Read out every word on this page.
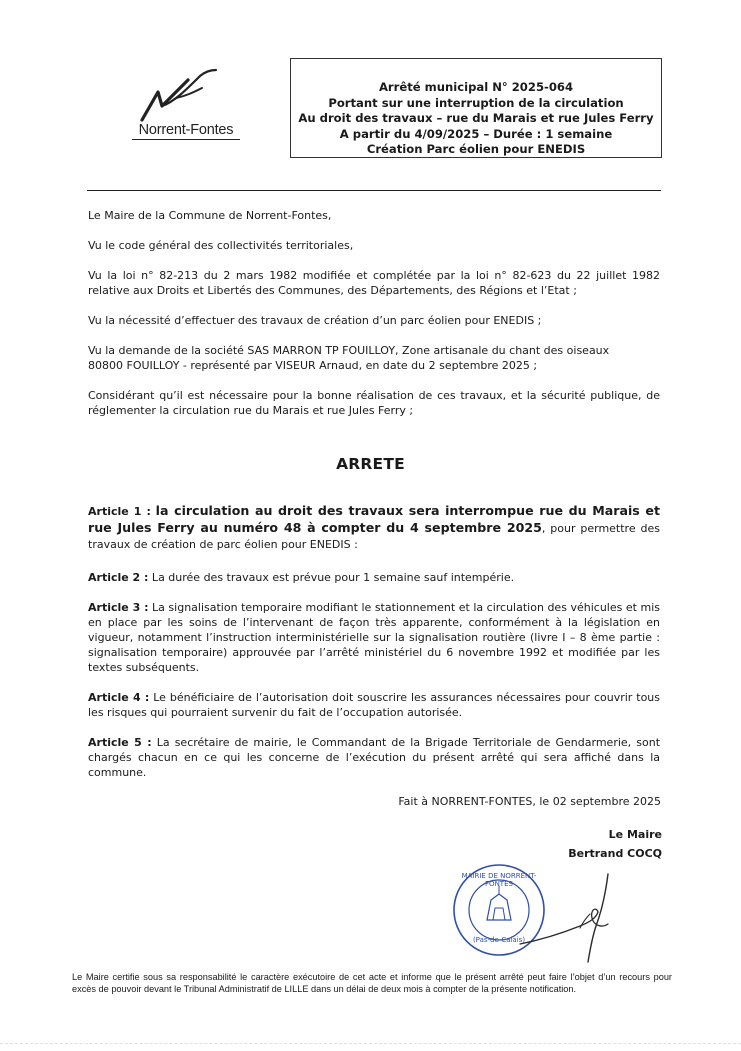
Norrent-Fontes
Arrêté municipal N° 2025-064
Portant sur une interruption de la circulation
Au droit des travaux – rue du Marais et rue Jules Ferry
A partir du 4/09/2025 – Durée : 1 semaine
Création Parc éolien pour ENEDIS
Le Maire de la Commune de Norrent-Fontes,
Vu le code général des collectivités territoriales,
Vu la loi n° 82-213 du 2 mars 1982 modifiée et complétée par la loi n° 82-623 du 22 juillet 1982 relative aux Droits et Libertés des Communes, des Départements, des Régions et l’Etat ;
Vu la nécessité d’effectuer des travaux de création d’un parc éolien pour ENEDIS ;
Vu la demande de la société SAS MARRON TP FOUILLOY, Zone artisanale du chant des oiseaux
80800 FOUILLOY - représenté par VISEUR Arnaud, en date du 2 septembre 2025 ;
Considérant qu’il est nécessaire pour la bonne réalisation de ces travaux, et la sécurité publique, de réglementer la circulation rue du Marais et rue Jules Ferry ;
ARRETE
Article 1 : la circulation au droit des travaux sera interrompue rue du Marais et rue Jules Ferry au numéro 48 à compter du 4 septembre 2025, pour permettre des travaux de création de parc éolien pour ENEDIS :
Article 2 : La durée des travaux est prévue pour 1 semaine sauf intempérie.
Article 3 : La signalisation temporaire modifiant le stationnement et la circulation des véhicules et mis en place par les soins de l’intervenant de façon très apparente, conformément à la législation en vigueur, notamment l’instruction interministérielle sur la signalisation routière (livre I – 8 ème partie : signalisation temporaire) approuvée par l’arrêté ministériel du 6 novembre 1992 et modifiée par les textes subséquents.
Article 4 : Le bénéficiaire de l’autorisation doit souscrire les assurances nécessaires pour couvrir tous les risques qui pourraient survenir du fait de l’occupation autorisée.
Article 5 : La secrétaire de mairie, le Commandant de la Brigade Territoriale de Gendarmerie, sont chargés chacun en ce qui les concerne de l’exécution du présent arrêté qui sera affiché dans la commune.
Fait à NORRENT-FONTES, le 02 septembre 2025
Le Maire
Bertrand COCQ
MAIRIE DE NORRENT-FONTES
(Pas-de-Calais)
Le Maire certifie sous sa responsabilité le caractère exécutoire de cet acte et informe que le présent arrêté peut faire l’objet d’un recours pour excès de pouvoir devant le Tribunal Administratif de LILLE dans un délai de deux mois à compter de la présente notification.
